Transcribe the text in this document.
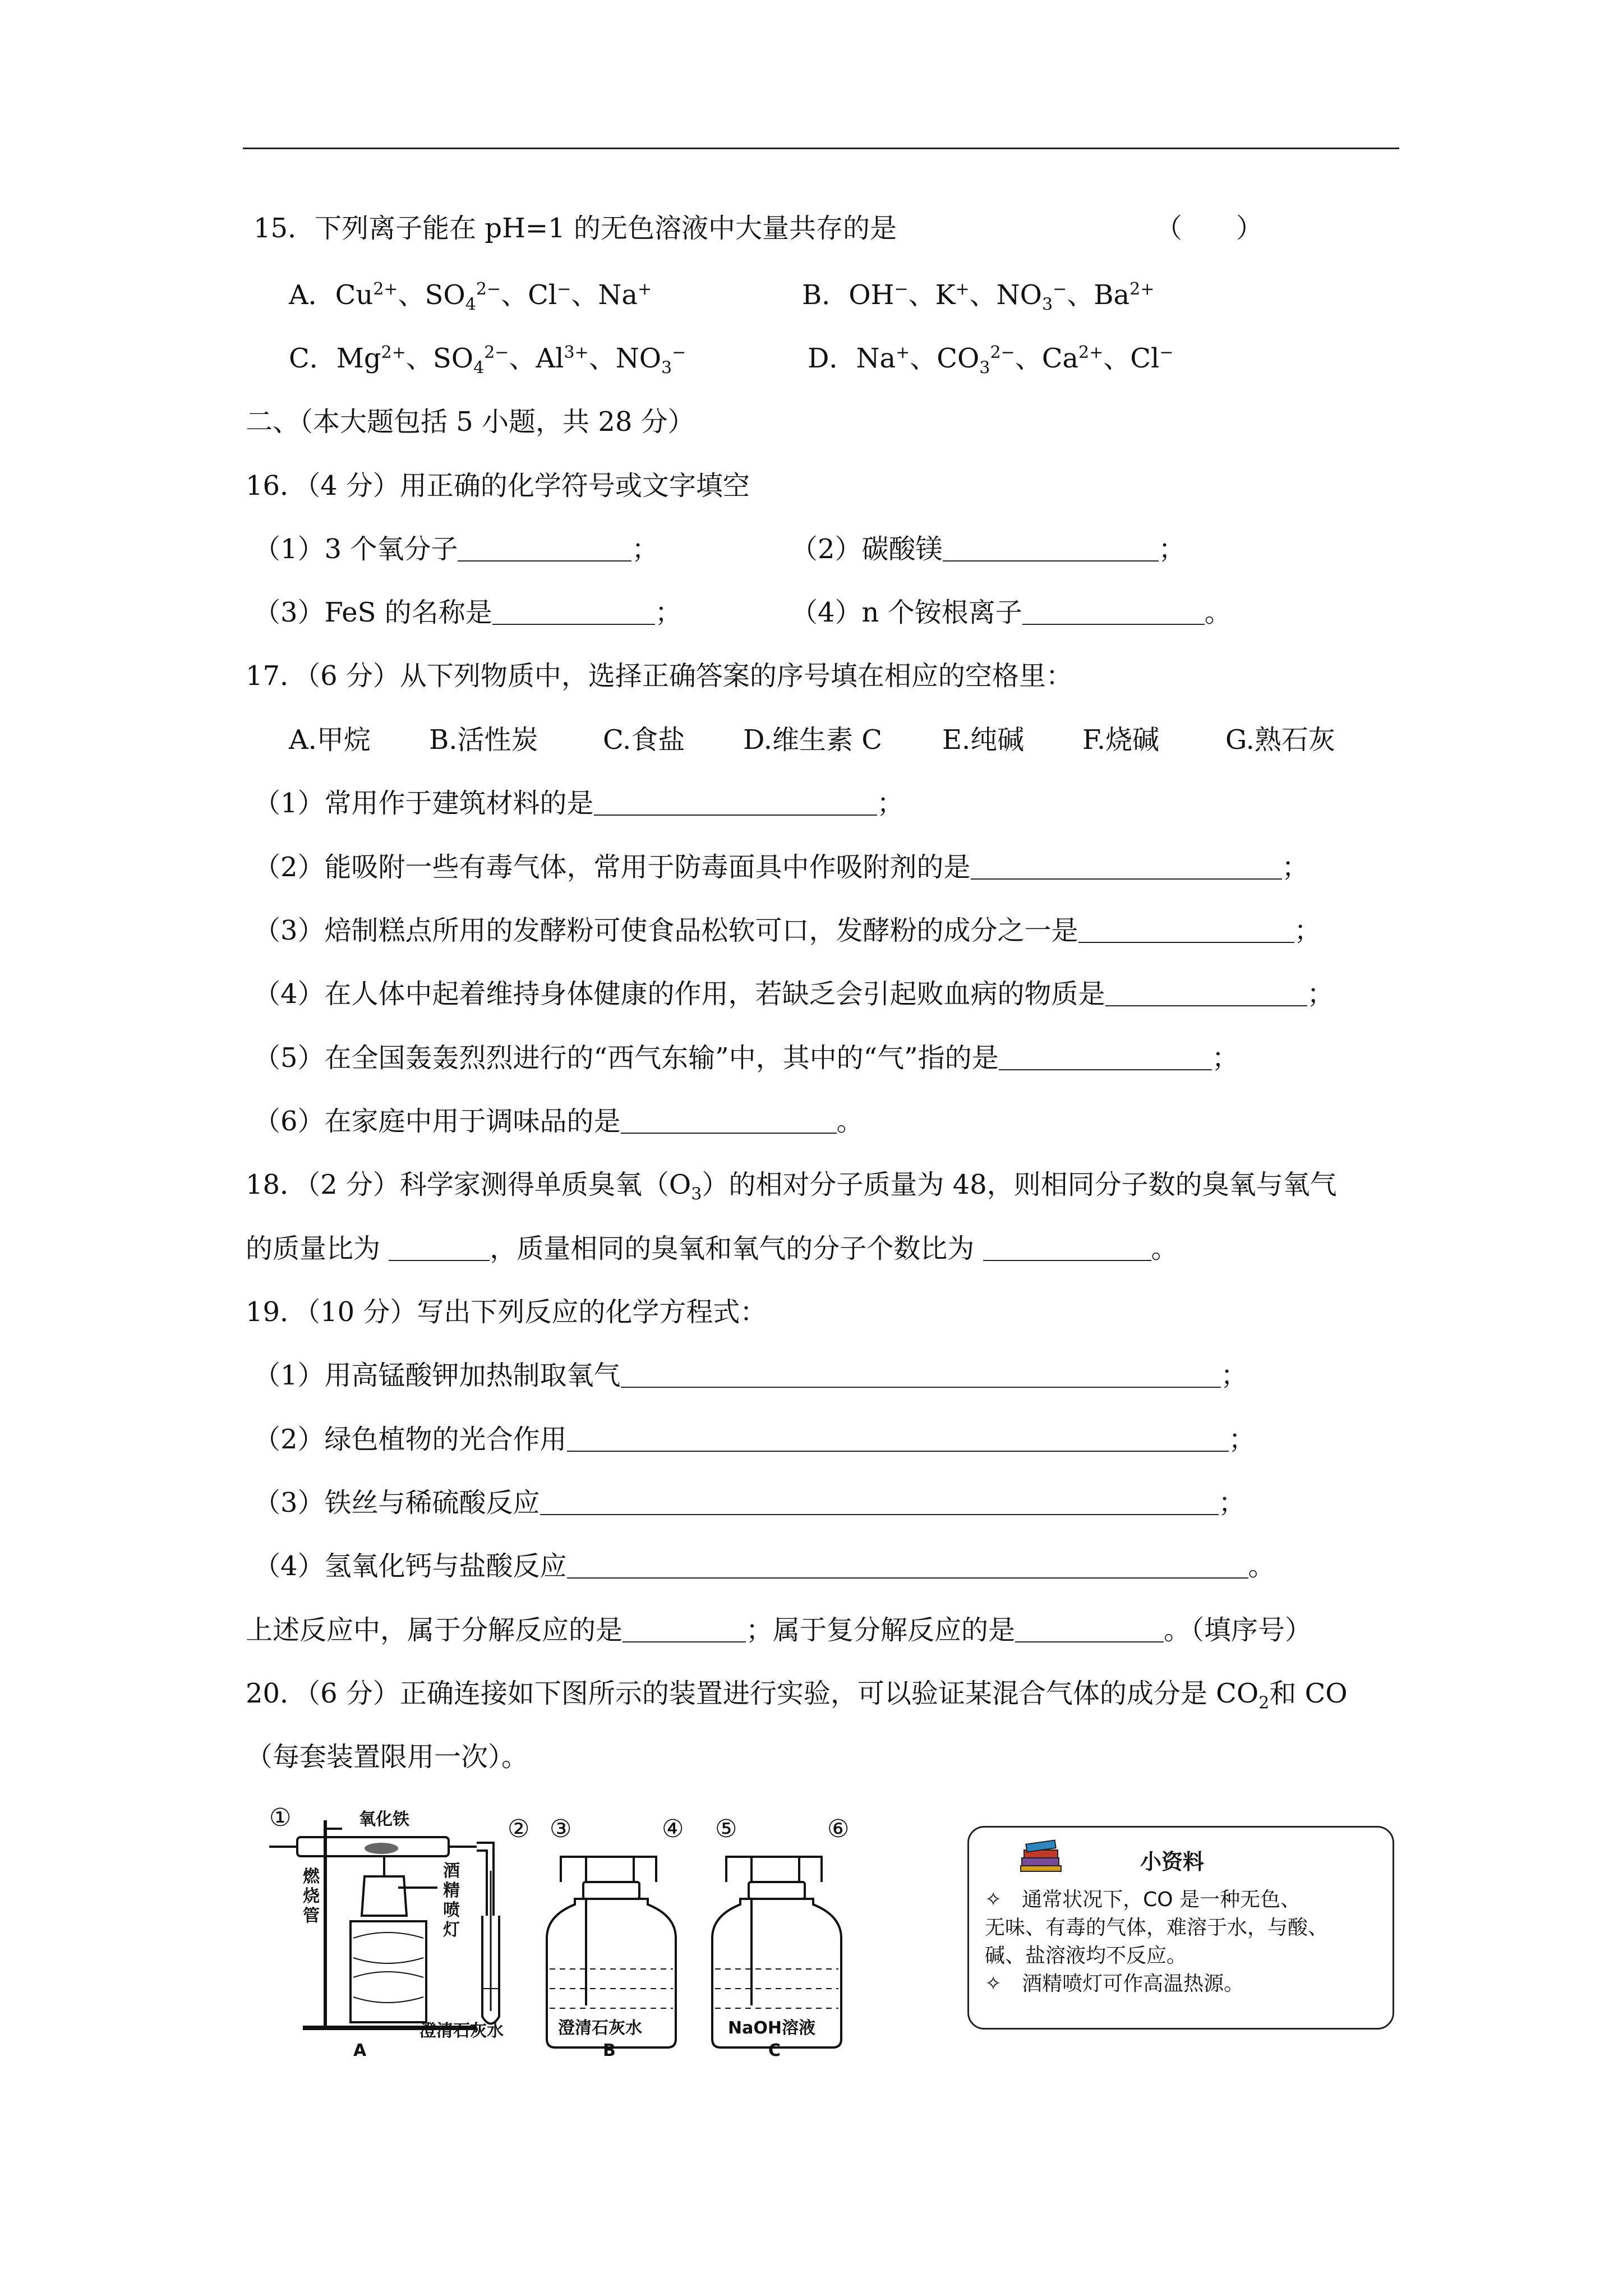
15．下列离子能在 pH=1 的无色溶液中大量共存的是	（　　）
A．$Cu^{2+}$、$SO_4^{2-}$、Cl−、Na+	B．OH−、K+、$NO_3^-$、$Ba^{2+}$
C．$Mg^{2+}$、$SO_4^{2-}$、$Al^{3+}$、$NO_3^-$	D．Na+、$CO_3^{2-}$、$Ca^{2+}$、Cl−
二、（本大题包括 5 小题，共 28 分）
16．（4 分）用正确的化学符号或文字填空
（1）3 个氧分子	；	（2）碳酸镁	；
（3）FeS 的名称是	；	（4）n 个铵根离子	。
17．（6 分）从下列物质中，选择正确答案的序号填在相应的空格里：
A.甲烷 B.活性炭 C.食盐 D.维生素 C E.纯碱 F.烧碱 G.熟石灰
（1）常用作于建筑材料的是	；
（2）能吸附一些有毒气体，常用于防毒面具中作吸附剂的是	；
（3）焙制糕点所用的发酵粉可使食品松软可口，发酵粉的成分之一是	；
（4）在人体中起着维持身体健康的作用，若缺乏会引起败血病的物质是	；
（5）在全国轰轰烈烈进行的“西气东输”中，其中的“气”指的是	；
（6）在家庭中用于调味品的是	。
18．（2 分）科学家测得单质臭氧$(O_3)$的相对分子质量为 48，则相同分子数的臭氧与氧气
的质量比为	，质量相同的臭氧和氧气的分子个数比为	。
19．（10 分）写出下列反应的化学方程式：
（1）用高锰酸钾加热制取氧气	；
（2）绿色植物的光合作用	；
（3）铁丝与稀硫酸反应	；
（4）氢氧化钙与盐酸反应	。
上述反应中，属于分解反应的是	；属于复分解反应的是	。（填序号）
20．（6 分）正确连接如下图所示的装置进行实验，可以验证某混合气体的成分是 $CO_2$和 CO
（每套装置限用一次）。
①	② ③	④ ⑤	⑥
氧化铁
燃
烧
管
酒
精
喷
灯
澄清石灰水	澄清石灰水	NaOH溶液
A	B	C
小资料
✧　通常状况下，CO 是一种无色、
无味、有毒的气体，难溶于水，与酸、
碱、盐溶液均不反应。
✧　酒精喷灯可作高温热源。
